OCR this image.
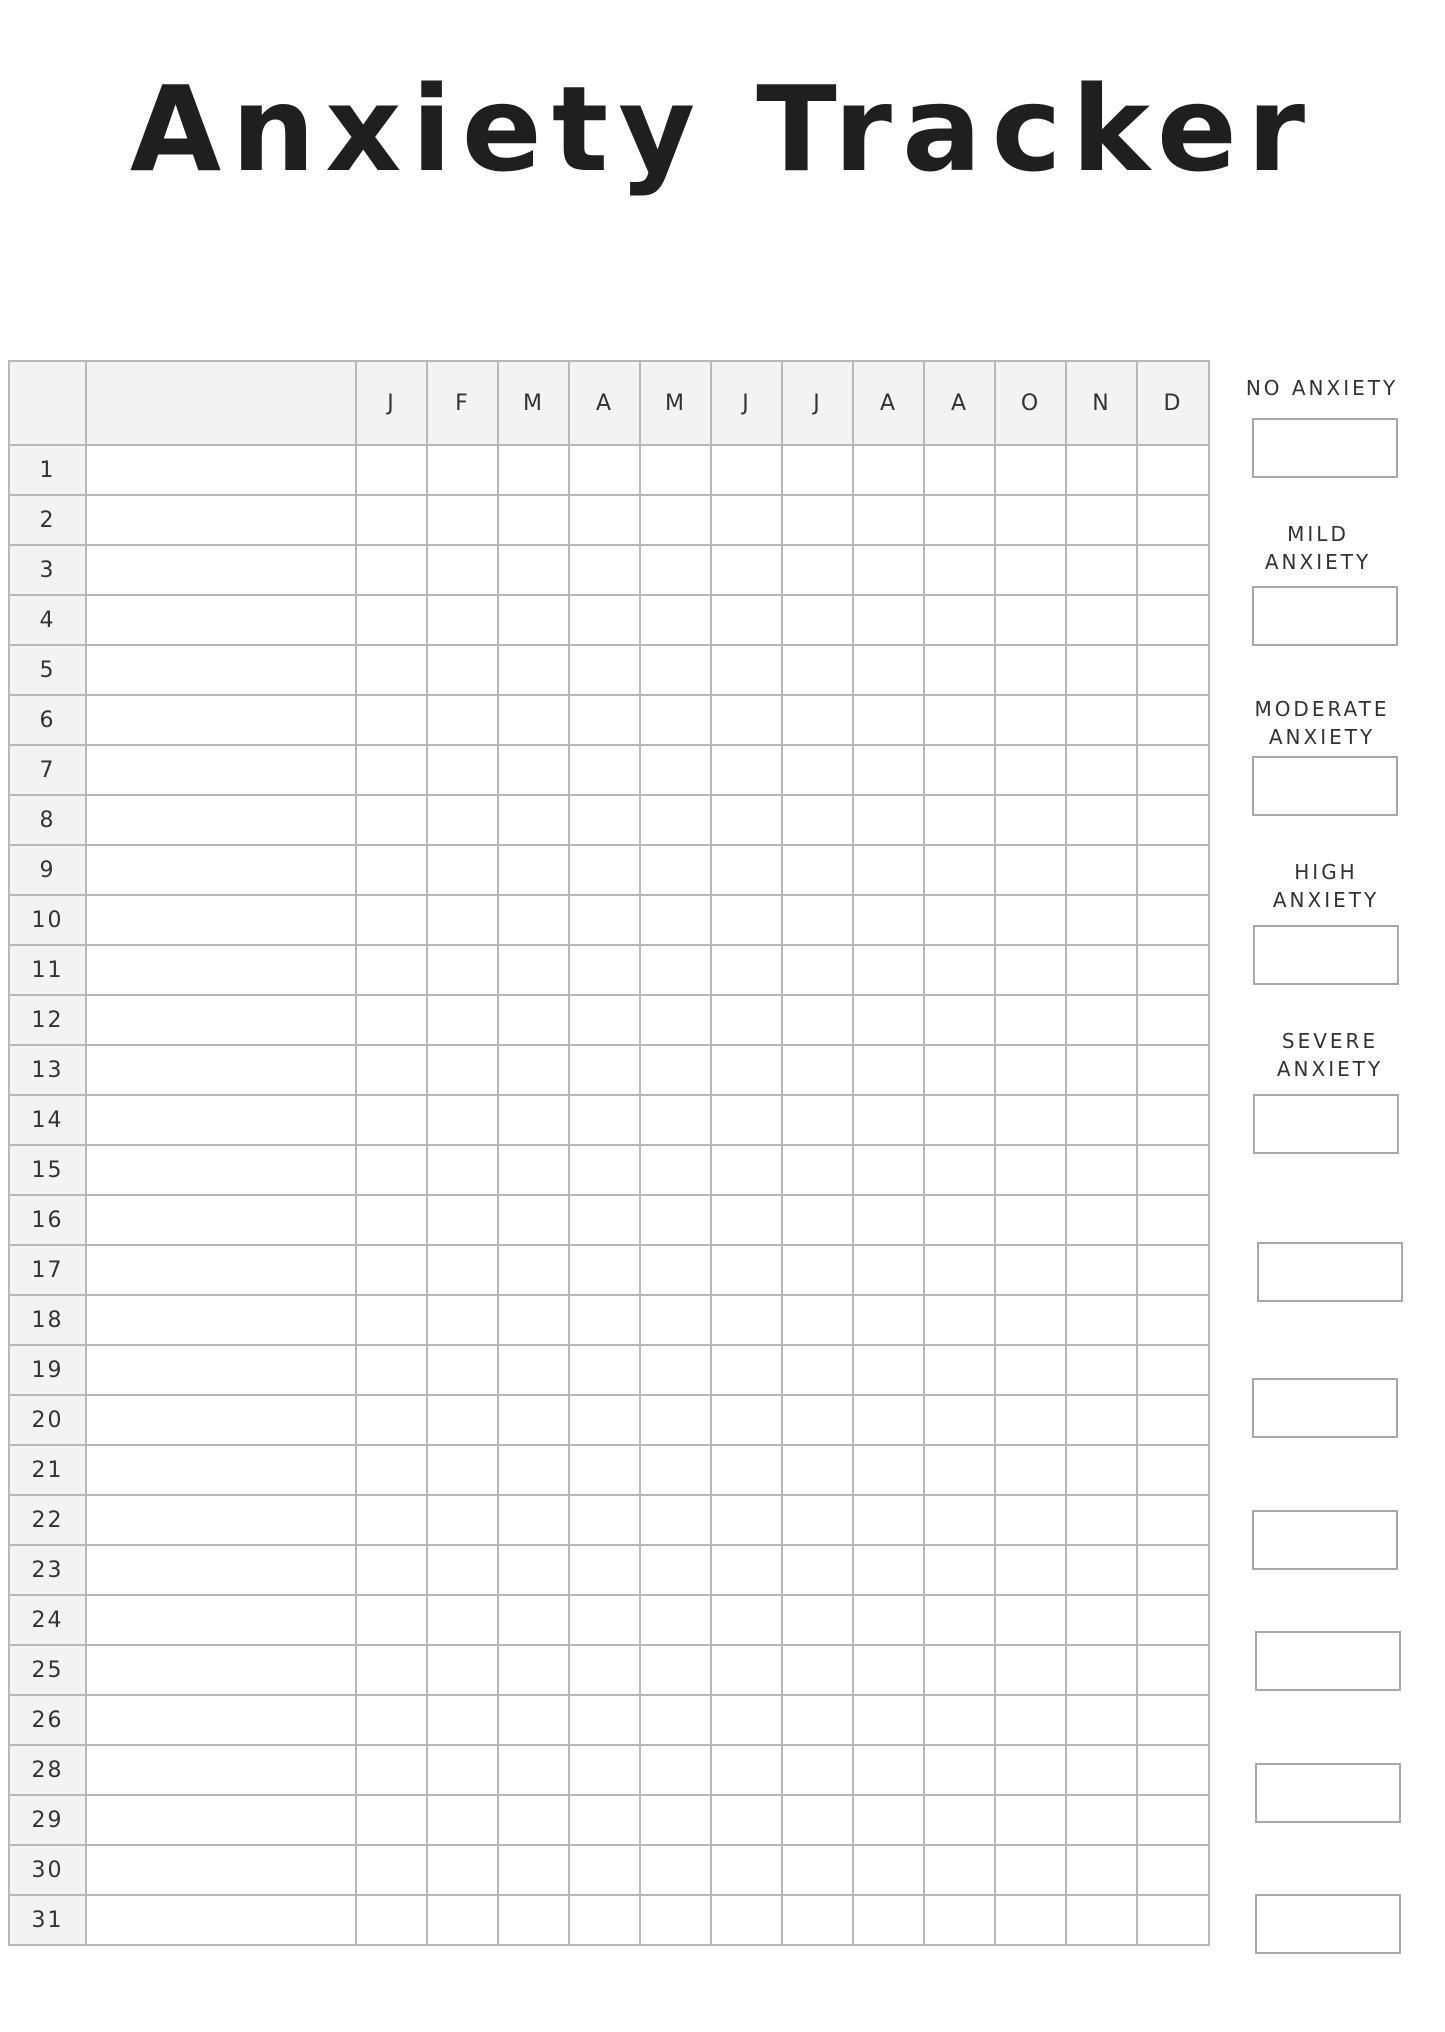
Anxiety Tracker
		J	F	M	A	M	J	J	A	A	O	N	D
1													
2													
3													
4													
5													
6													
7													
8													
9													
10													
11													
12													
13													
14													
15													
16													
17													
18													
19													
20													
21													
22													
23													
24													
25													
26													
28													
29													
30													
31													
NO ANXIETY
MILD
ANXIETY
MODERATE
ANXIETY
HIGH
ANXIETY
SEVERE
ANXIETY
